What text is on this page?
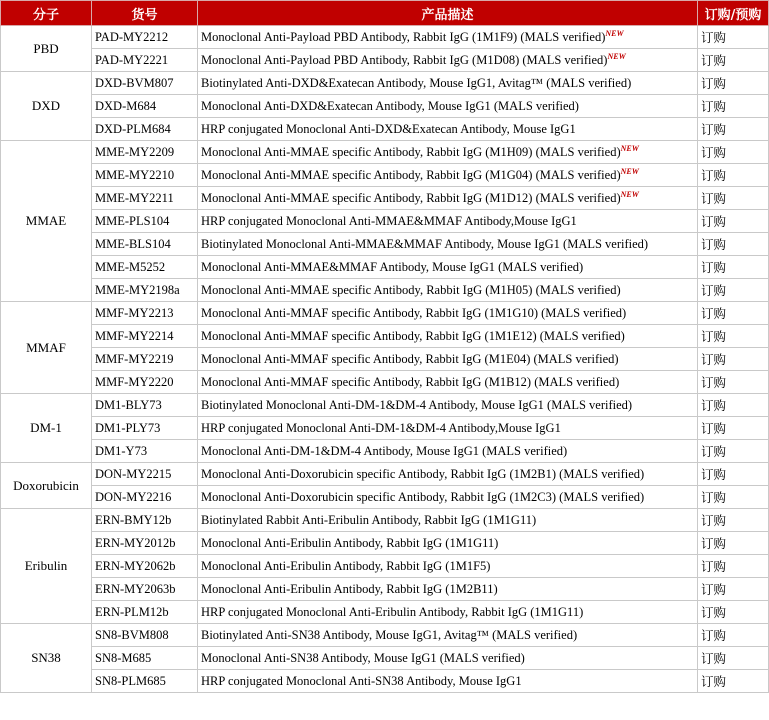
分子	货号	产品描述	订购/预购
PBD	PAD-MY2212	Monoclonal Anti-Payload PBD Antibody, Rabbit IgG (1M1F9) (MALS verified)$^{NEW}$	订购
	PAD-MY2221	Monoclonal Anti-Payload PBD Antibody, Rabbit IgG (M1D08) (MALS verified)$^{NEW}$	订购
DXD	DXD-BVM807	Biotinylated Anti-DXD&Exatecan Antibody, Mouse IgG1, Avitag™ (MALS verified)	订购
	DXD-M684	Monoclonal Anti-DXD&Exatecan Antibody, Mouse IgG1 (MALS verified)	订购
	DXD-PLM684	HRP conjugated Monoclonal Anti-DXD&Exatecan Antibody, Mouse IgG1	订购
MMAE	MME-MY2209	Monoclonal Anti-MMAE specific Antibody, Rabbit IgG (M1H09) (MALS verified)$^{NEW}$	订购
	MME-MY2210	Monoclonal Anti-MMAE specific Antibody, Rabbit IgG (M1G04) (MALS verified)$^{NEW}$	订购
	MME-MY2211	Monoclonal Anti-MMAE specific Antibody, Rabbit IgG (M1D12) (MALS verified)$^{NEW}$	订购
	MME-PLS104	HRP conjugated Monoclonal Anti-MMAE&MMAF Antibody,Mouse IgG1	订购
	MME-BLS104	Biotinylated Monoclonal Anti-MMAE&MMAF Antibody, Mouse IgG1 (MALS verified)	订购
	MME-M5252	Monoclonal Anti-MMAE&MMAF Antibody, Mouse IgG1 (MALS verified)	订购
	MME-MY2198a	Monoclonal Anti-MMAE specific Antibody, Rabbit IgG (M1H05) (MALS verified)	订购
MMAF	MMF-MY2213	Monoclonal Anti-MMAF specific Antibody, Rabbit IgG (1M1G10) (MALS verified)	订购
	MMF-MY2214	Monoclonal Anti-MMAF specific Antibody, Rabbit IgG (1M1E12) (MALS verified)	订购
	MMF-MY2219	Monoclonal Anti-MMAF specific Antibody, Rabbit IgG (M1E04) (MALS verified)	订购
	MMF-MY2220	Monoclonal Anti-MMAF specific Antibody, Rabbit IgG (M1B12) (MALS verified)	订购
DM-1	DM1-BLY73	Biotinylated Monoclonal Anti-DM-1&DM-4 Antibody, Mouse IgG1 (MALS verified)	订购
	DM1-PLY73	HRP conjugated Monoclonal Anti-DM-1&DM-4 Antibody,Mouse IgG1	订购
	DM1-Y73	Monoclonal Anti-DM-1&DM-4 Antibody, Mouse IgG1 (MALS verified)	订购
Doxorubicin	DON-MY2215	Monoclonal Anti-Doxorubicin specific Antibody, Rabbit IgG (1M2B1) (MALS verified)	订购
	DON-MY2216	Monoclonal Anti-Doxorubicin specific Antibody, Rabbit IgG (1M2C3) (MALS verified)	订购
Eribulin	ERN-BMY12b	Biotinylated Rabbit Anti-Eribulin Antibody, Rabbit IgG (1M1G11)	订购
	ERN-MY2012b	Monoclonal Anti-Eribulin Antibody, Rabbit IgG (1M1G11)	订购
	ERN-MY2062b	Monoclonal Anti-Eribulin Antibody, Rabbit IgG (1M1F5)	订购
	ERN-MY2063b	Monoclonal Anti-Eribulin Antibody, Rabbit IgG (1M2B11)	订购
	ERN-PLM12b	HRP conjugated Monoclonal Anti-Eribulin Antibody, Rabbit IgG (1M1G11)	订购
SN38	SN8-BVM808	Biotinylated Anti-SN38 Antibody, Mouse IgG1, Avitag™ (MALS verified)	订购
	SN8-M685	Monoclonal Anti-SN38 Antibody, Mouse IgG1 (MALS verified)	订购
	SN8-PLM685	HRP conjugated Monoclonal Anti-SN38 Antibody, Mouse IgG1	订购
